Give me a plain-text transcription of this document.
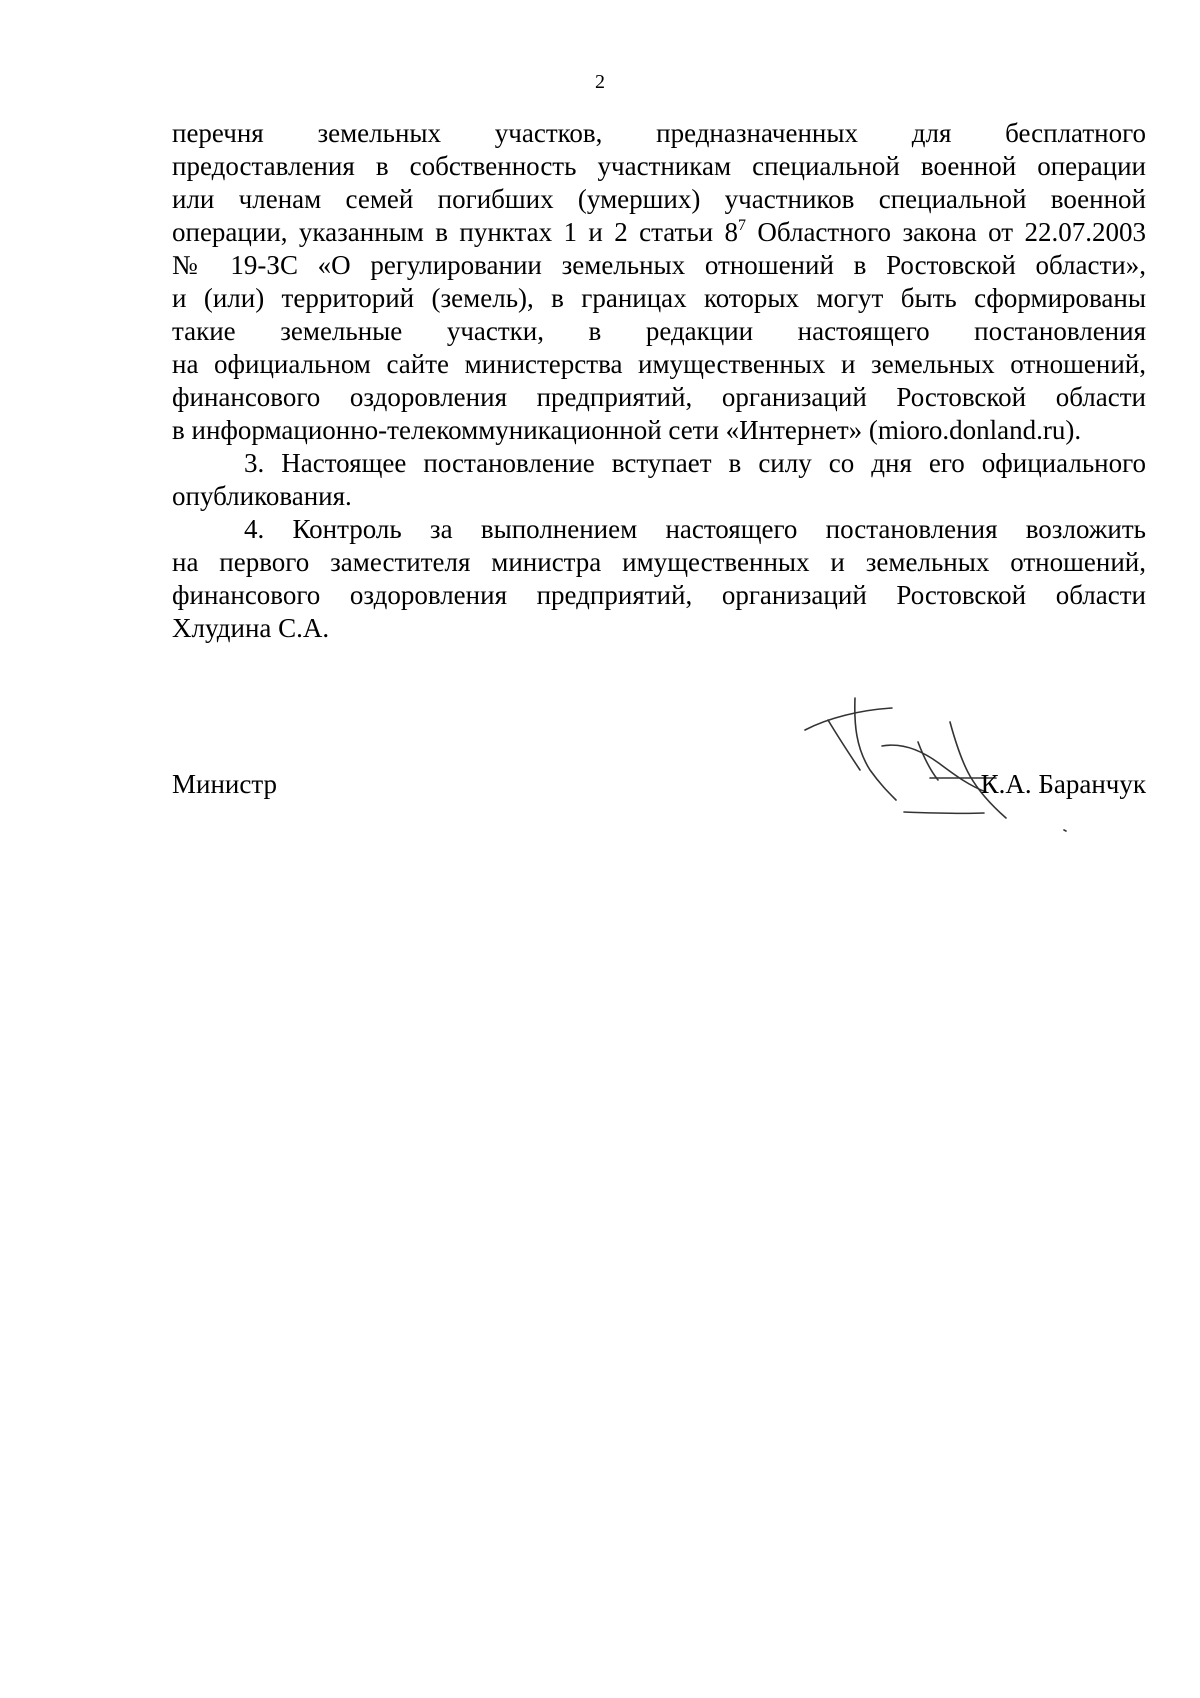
2

перечня земельных участков, предназначенных для бесплатного
предоставления в собственность участникам специальной военной операции
или членам семей погибших (умерших) участников специальной военной
операции, указанным в пунктах 1 и 2 статьи $8^7$ Областного закона от 22.07.2003
№ 19-ЗС «О регулировании земельных отношений в Ростовской области»,
и (или) территорий (земель), в границах которых могут быть сформированы
такие земельные участки, в редакции настоящего постановления
на официальном сайте министерства имущественных и земельных отношений,
финансового оздоровления предприятий, организаций Ростовской области
в информационно-телекоммуникационной сети «Интернет» (mioro.donland.ru).

3. Настоящее постановление вступает в силу со дня его официального
опубликования.

4. Контроль за выполнением настоящего постановления возложить
на первого заместителя министра имущественных и земельных отношений,
финансового оздоровления предприятий, организаций Ростовской области
Хлудина С.А.

Министр	К.А. Баранчук
